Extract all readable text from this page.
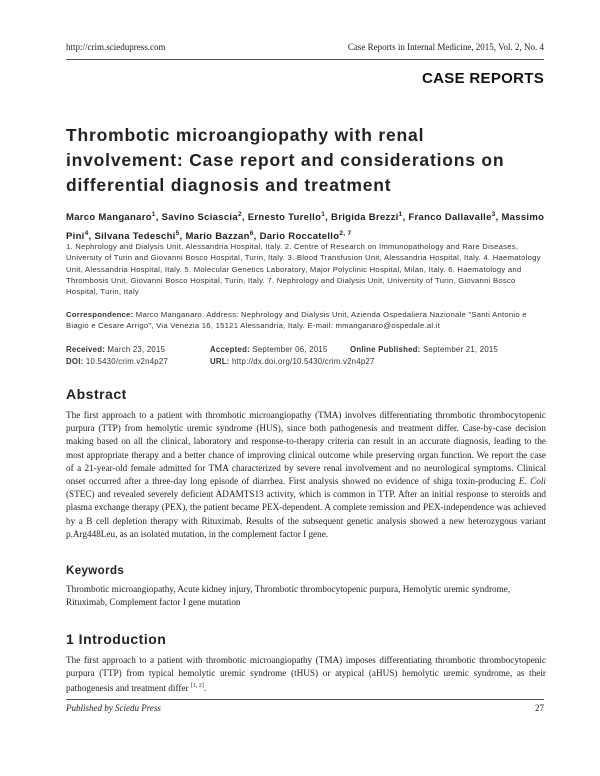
http://crim.sciedupress.com	Case Reports in Internal Medicine, 2015, Vol. 2, No. 4
CASE REPORTS
Thrombotic microangiopathy with renal involvement: Case report and considerations on differential diagnosis and treatment
Marco Manganaro$^1$, Savino Sciascia$^2$, Ernesto Turello$^1$, Brigida Brezzi$^1$, Franco Dallavalle$^3$, Massimo Pini$^4$, Silvana Tedeschi$^5$, Mario Bazzan$^6$, Dario Roccatello$^{2, 7}$
1. Nephrology and Dialysis Unit, Alessandria Hospital, Italy. 2. Centre of Research on Immunopathology and Rare Diseases, University of Turin and Giovanni Bosco Hospital, Turin, Italy. 3. Blood Transfusion Unit, Alessandria Hospital, Italy. 4. Haematology Unit, Alessandria Hospital, Italy. 5. Molecular Genetics Laboratory, Major Polyclinic Hospital, Milan, Italy. 6. Haematology and Thrombosis Unit, Giovanni Bosco Hospital, Turin, Italy. 7. Nephrology and Dialysis Unit, University of Turin, Giovanni Bosco Hospital, Turin, Italy
Correspondence: Marco Manganaro. Address: Nephrology and Dialysis Unit, Azienda Ospedaliera Nazionale "Santi Antonio e Biagio e Cesare Arrigo", Via Venezia 16, 15121 Alessandria, Italy. E-mail: mmanganaro@ospedale.al.it
Received: March 23, 2015	Accepted: September 06, 2015	Online Published: September 21, 2015
DOI: 10.5430/crim.v2n4p27	URL: http://dx.doi.org/10.5430/crim.v2n4p27
Abstract

The first approach to a patient with thrombotic microangiopathy (TMA) involves differentiating thrombotic thrombocytopenic purpura (TTP) from hemolytic uremic syndrome (HUS), since both pathogenesis and treatment differ. Case-by-case decision making based on all the clinical, laboratory and response-to-therapy criteria can result in an accurate diagnosis, leading to the most appropriate therapy and a better chance of improving clinical outcome while preserving organ function. We report the case of a 21-year-old female admitted for TMA characterized by severe renal involvement and no neurological symptoms. Clinical onset occurred after a three-day long episode of diarrhea. First analysis showed no evidence of shiga toxin-producing E. Coli (STEC) and revealed severely deficient ADAMTS13 activity, which is common in TTP. After an initial response to steroids and plasma exchange therapy (PEX), the patient became PEX-dependent. A complete remission and PEX-independence was achieved by a B cell depletion therapy with Rituximab. Results of the subsequent genetic analysis showed a new heterozygous variant p.Arg448Leu, as an isolated mutation, in the complement factor I gene.

Keywords

Thrombotic microangiopathy, Acute kidney injury, Thrombotic thrombocytopenic purpura, Hemolytic uremic syndrome, Rituximab, Complement factor I gene mutation

1 Introduction

The first approach to a patient with thrombotic microangiopathy (TMA) imposes differentiating thrombotic thrombocytopenic purpura (TTP) from typical hemolytic uremic syndrome (tHUS) or atypical (aHUS) hemolytic uremic syndrome, as their pathogenesis and treatment differ [1, 2].

Published by Sciedu Press	27
